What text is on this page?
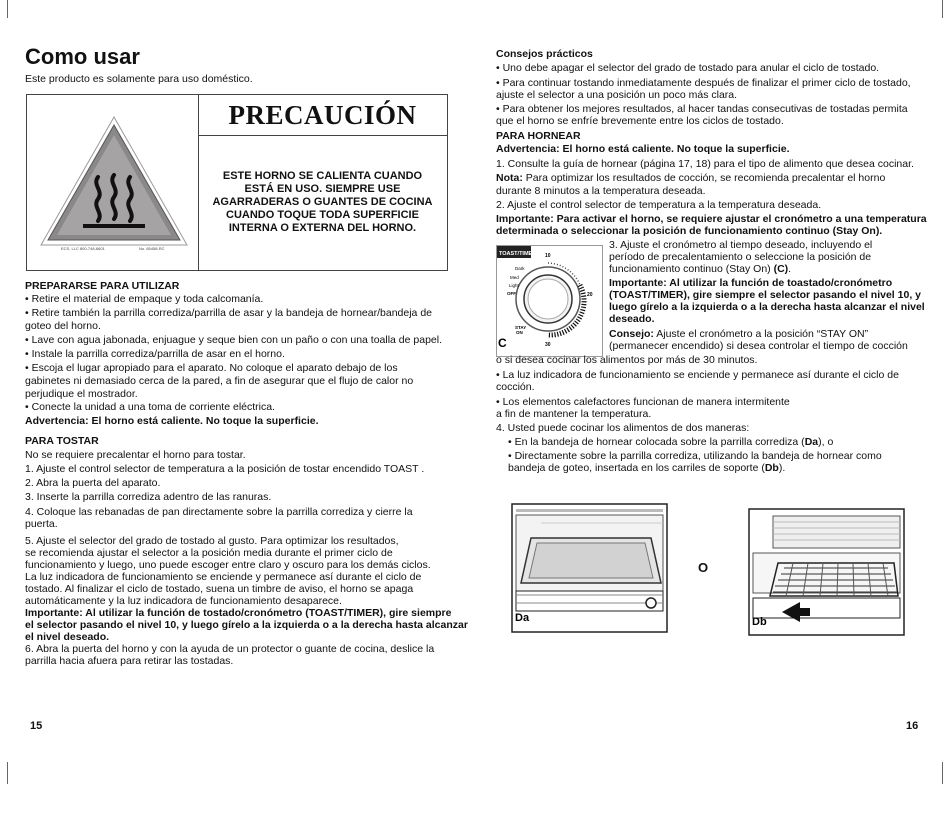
Como usar
Este producto es solamente para uso doméstico.
ECS, LLC 800-748-6601	No. 65458-RC
PRECAUCIÓN
ESTE HORNO SE CALIENTA CUANDO
ESTÁ EN USO. SIEMPRE USE
AGARRADERAS O GUANTES DE COCINA
CUANDO TOQUE TODA SUPERFICIE
INTERNA O EXTERNA DEL HORNO.
PREPARARSE PARA UTILIZAR
• Retire el material de empaque y toda calcomanía.
• Retire también la parrilla corrediza/parrilla de asar y la bandeja de hornear/bandeja de
goteo del horno.
• Lave con agua jabonada, enjuague y seque bien con un paño o con una toalla de papel.
• Instale la parrilla corrediza/parrilla de asar en el horno.
• Escoja el lugar apropiado para el aparato. No coloque el aparato debajo de los
gabinetes ni demasiado cerca de la pared, a fin de asegurar que el flujo de calor no
perjudique el mostrador.
• Conecte la unidad a una toma de corriente eléctrica.
Advertencia: El horno está caliente. No toque la superficie.
PARA TOSTAR
No se requiere precalentar el horno para tostar.
1. Ajuste el control selector de temperatura a la posición de tostar encendido TOAST .
2. Abra la puerta del aparato.
3. Inserte la parrilla corrediza adentro de las ranuras.
4. Coloque las rebanadas de pan directamente sobre la parrilla corrediza y cierre la
puerta.
5. Ajuste el selector del grado de tostado al gusto. Para optimizar los resultados,
se recomienda ajustar el selector a la posición media durante el primer ciclo de
funcionamiento y luego, uno puede escoger entre claro y oscuro para los demás ciclos.
La luz indicadora de funcionamiento se enciende y permanece así durante el ciclo de
tostado. Al finalizar el ciclo de tostado, suena un timbre de aviso, el horno se apaga
automáticamente y la luz indicadora de funcionamiento desaparece.
Importante: Al utilizar la función de tostado/cronómetro (TOAST/TIMER), gire siempre
el selector pasando el nivel 10, y luego gírelo a la izquierda o a la derecha hasta alcanzar
el nivel deseado.
6. Abra la puerta del horno y con la ayuda de un protector o guante de cocina, deslice la
parrilla hacia afuera para retirar las tostadas.
15
Consejos prácticos
• Uno debe apagar el selector del grado de tostado para anular el ciclo de tostado.
• Para continuar tostando inmediatamente después de finalizar el primer ciclo de tostado,
ajuste el selector a una posición un poco más clara.
• Para obtener los mejores resultados, al hacer tandas consecutivas de tostadas permita
que el horno se enfríe brevemente entre los ciclos de tostado.
PARA HORNEAR
Advertencia: El horno está caliente. No toque la superficie.
1. Consulte la guía de hornear (página 17, 18) para el tipo de alimento que desea cocinar.
Nota: Para optimizar los resultados de cocción, se recomienda precalentar el horno
durante 8 minutos a la temperatura deseada.
2. Ajuste el control selector de temperatura a la temperatura deseada.
Importante: Para activar el horno, se requiere ajustar el cronómetro a una temperatura
determinada o seleccionar la posición de funcionamiento continuo (Stay On).
TOAST/TIMER 10
20
30
Dark
Med
Light
OFF
STAY
ON
C
3. Ajuste el cronómetro al tiempo deseado, incluyendo el
período de precalentamiento o seleccione la posición de
funcionamiento continuo (Stay On) (C).
Importante: Al utilizar la función de toastado/cronómetro
(TOAST/TIMER), gire siempre el selector pasando el nivel 10, y
luego gírelo a la izquierda o a la derecha hasta alcanzar el nivel
deseado.
Consejo: Ajuste el cronómetro a la posición “STAY ON”
(permanecer encendido) si desea controlar el tiempo de cocción
o si desea cocinar los alimentos por más de 30 minutos.
• La luz indicadora de funcionamiento se enciende y permanece así durante el ciclo de
cocción.
• Los elementos calefactores funcionan de manera intermitente
a fin de mantener la temperatura.
4. Usted puede cocinar los alimentos de dos maneras:
• En la bandeja de hornear colocada sobre la parrilla corrediza (Da), o
• Directamente sobre la parrilla corrediza, utilizando la bandeja de hornear como
bandeja de goteo, insertada en los carriles de soporte (Db).
Da
O
Db
16
